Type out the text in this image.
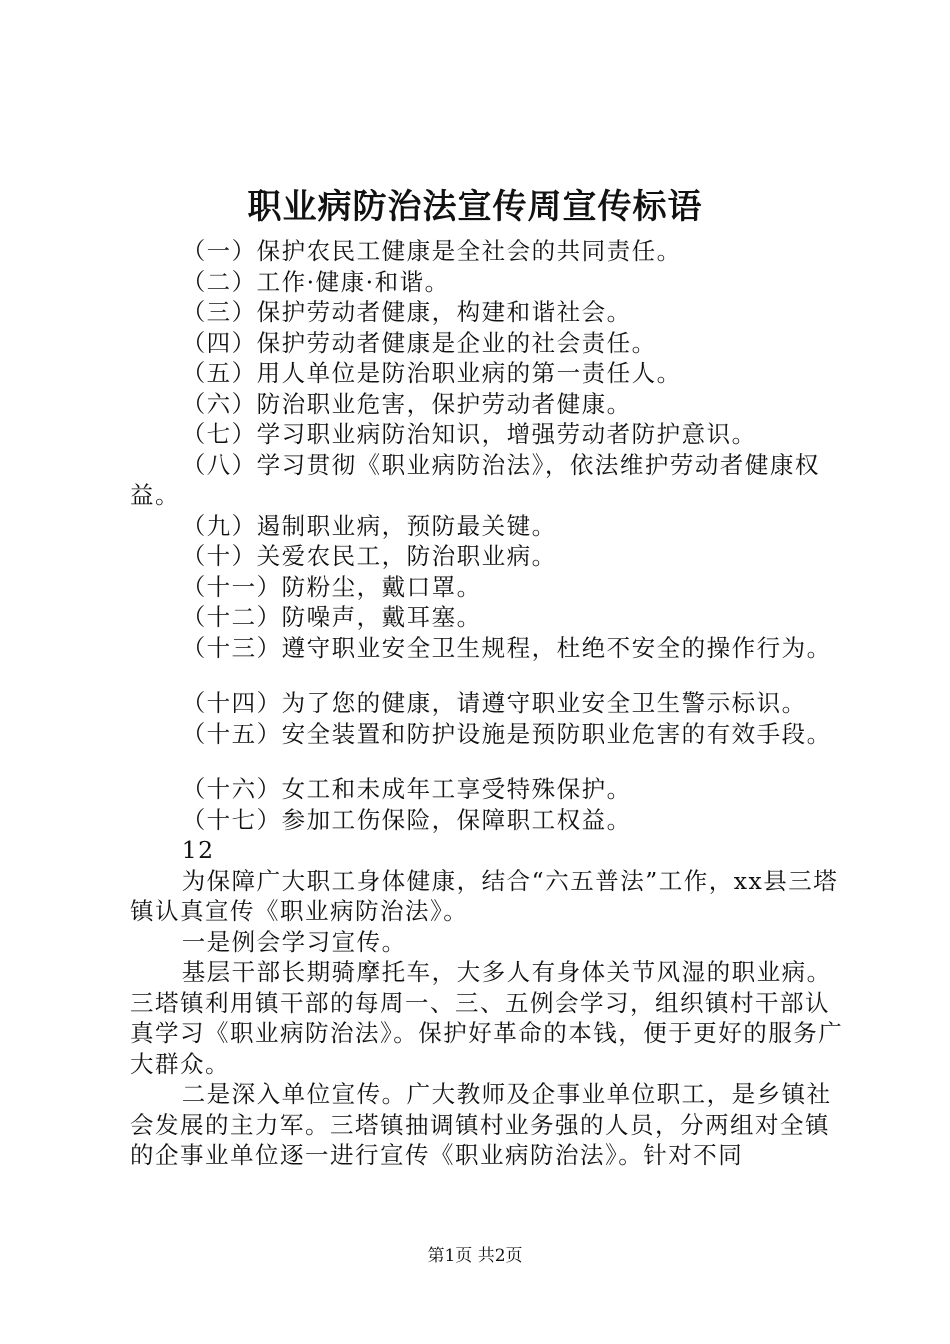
职业病防治法宣传周宣传标语

（一）保护农民工健康是全社会的共同责任。

（二）工作·健康·和谐。

（三）保护劳动者健康，构建和谐社会。

（四）保护劳动者健康是企业的社会责任。

（五）用人单位是防治职业病的第一责任人。

（六）防治职业危害，保护劳动者健康。

（七）学习职业病防治知识，增强劳动者防护意识。

（八）学习贯彻《职业病防治法》，依法维护劳动者健康权益。

（九）遏制职业病，预防最关键。

（十）关爱农民工，防治职业病。

（十一）防粉尘，戴口罩。

（十二）防噪声，戴耳塞。

（十三）遵守职业安全卫生规程，杜绝不安全的操作行为。

（十四）为了您的健康，请遵守职业安全卫生警示标识。

（十五）安全装置和防护设施是预防职业危害的有效手段。

（十六）女工和未成年工享受特殊保护。

（十七）参加工伤保险，保障职工权益。

12

为保障广大职工身体健康，结合“六五普法”工作，xx县三塔镇认真宣传《职业病防治法》。

一是例会学习宣传。

基层干部长期骑摩托车，大多人有身体关节风湿的职业病。三塔镇利用镇干部的每周一、三、五例会学习，组织镇村干部认真学习《职业病防治法》。保护好革命的本钱，便于更好的服务广大群众。

二是深入单位宣传。广大教师及企事业单位职工，是乡镇社会发展的主力军。三塔镇抽调镇村业务强的人员，分两组对全镇的企事业单位逐一进行宣传《职业病防治法》。针对不同

第1页 共2页
